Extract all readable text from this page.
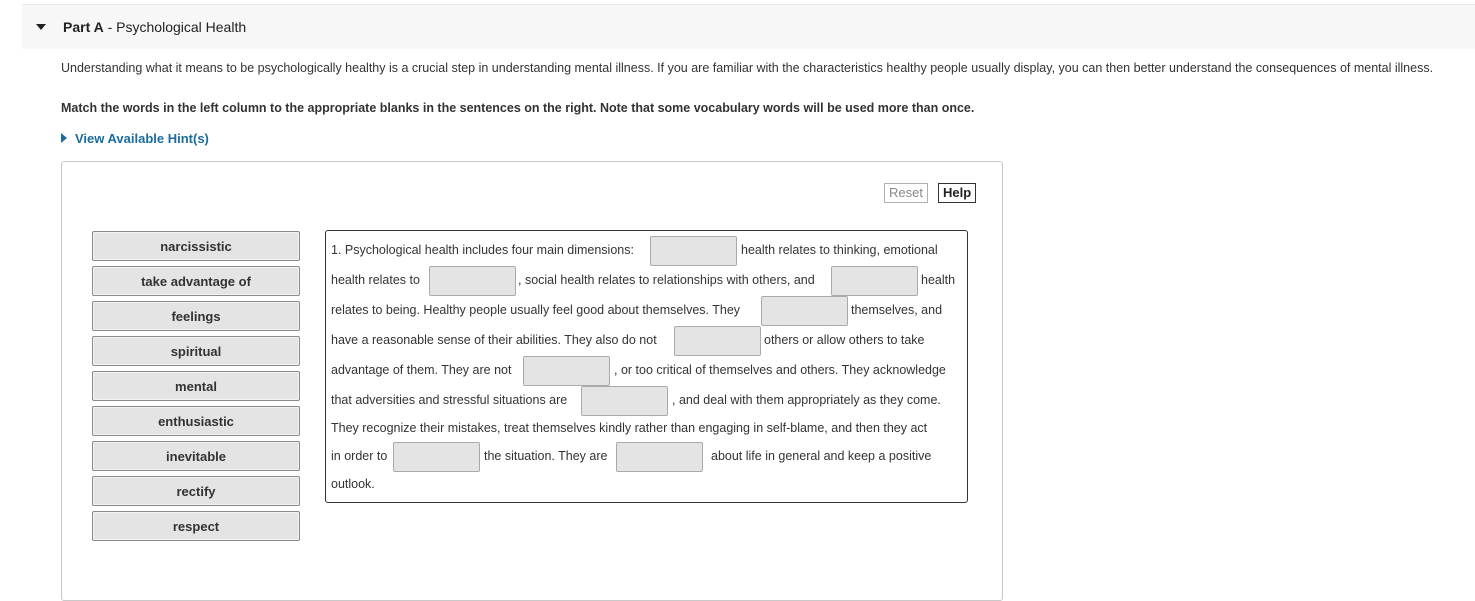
Part A - Psychological Health
Understanding what it means to be psychologically healthy is a crucial step in understanding mental illness. If you are familiar with the characteristics healthy people usually display, you can then better understand the consequences of mental illness.
Match the words in the left column to the appropriate blanks in the sentences on the right. Note that some vocabulary words will be used more than once.
View Available Hint(s)
Reset	Help
narcissistic
take advantage of
feelings
spiritual
mental
enthusiastic
inevitable
rectify
respect
1. Psychological health includes four main dimensions:	health relates to thinking, emotional
health relates to	, social health relates to relationships with others, and	health
relates to being. Healthy people usually feel good about themselves. They	themselves, and
have a reasonable sense of their abilities. They also do not	others or allow others to take
advantage of them. They are not	, or too critical of themselves and others. They acknowledge
that adversities and stressful situations are	, and deal with them appropriately as they come.
They recognize their mistakes, treat themselves kindly rather than engaging in self-blame, and then they act
in order to	the situation. They are	about life in general and keep a positive
outlook.
